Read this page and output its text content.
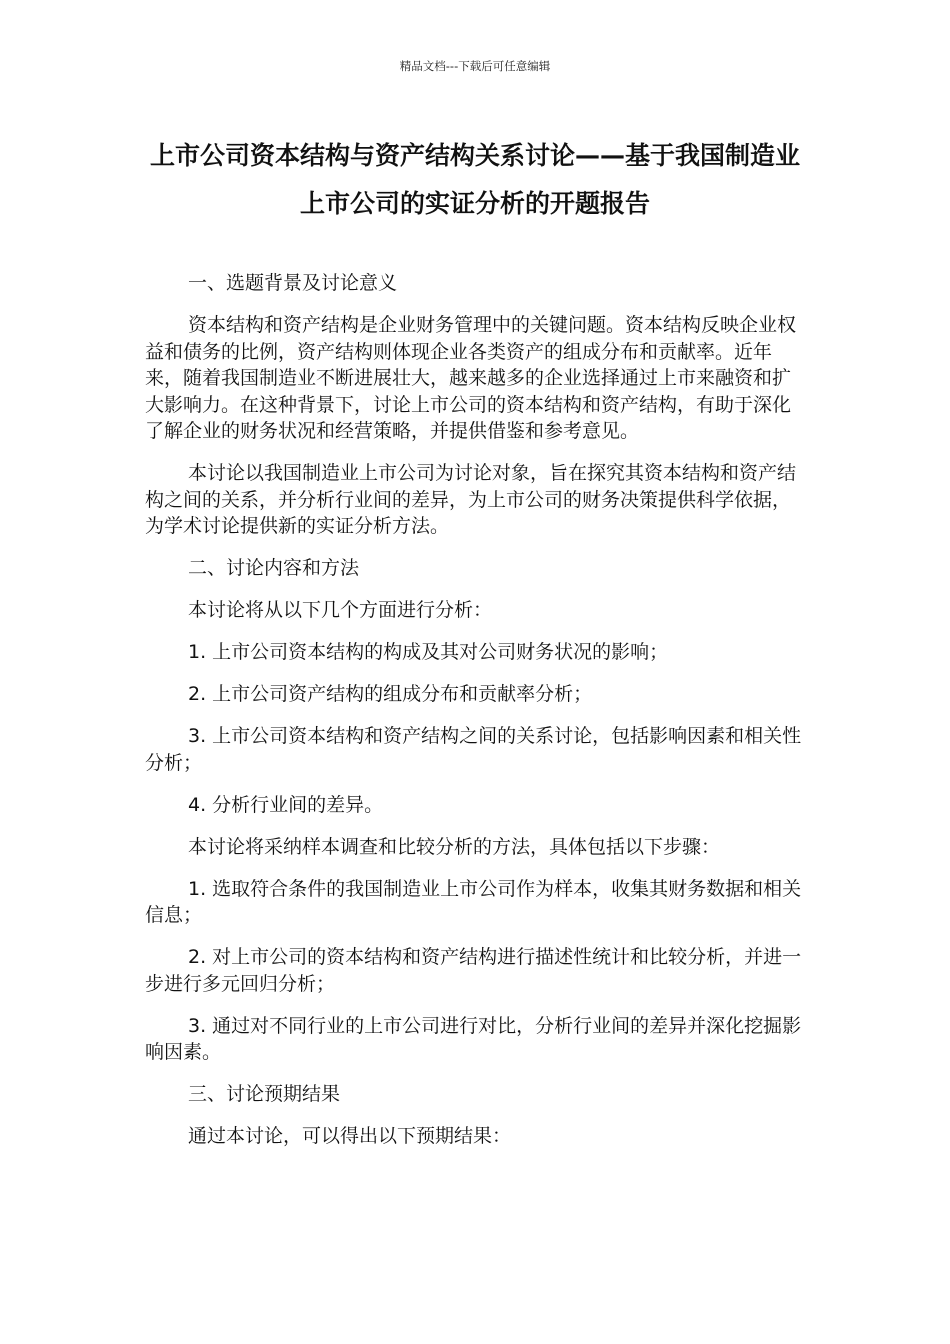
精品文档---下载后可任意编辑
上市公司资本结构与资产结构关系讨论——基于我国制造业上市公司的实证分析的开题报告

一、选题背景及讨论意义

资本结构和资产结构是企业财务管理中的关键问题。资本结构反映企业权益和债务的比例，资产结构则体现企业各类资产的组成分布和贡献率。近年来，随着我国制造业不断进展壮大，越来越多的企业选择通过上市来融资和扩大影响力。在这种背景下，讨论上市公司的资本结构和资产结构，有助于深化了解企业的财务状况和经营策略，并提供借鉴和参考意见。

本讨论以我国制造业上市公司为讨论对象，旨在探究其资本结构和资产结构之间的关系，并分析行业间的差异，为上市公司的财务决策提供科学依据，为学术讨论提供新的实证分析方法。

二、讨论内容和方法

本讨论将从以下几个方面进行分析：

1. 上市公司资本结构的构成及其对公司财务状况的影响；

2. 上市公司资产结构的组成分布和贡献率分析；

3. 上市公司资本结构和资产结构之间的关系讨论，包括影响因素和相关性分析；

4. 分析行业间的差异。

本讨论将采纳样本调查和比较分析的方法，具体包括以下步骤：

1. 选取符合条件的我国制造业上市公司作为样本，收集其财务数据和相关信息；

2. 对上市公司的资本结构和资产结构进行描述性统计和比较分析，并进一步进行多元回归分析；

3. 通过对不同行业的上市公司进行对比，分析行业间的差异并深化挖掘影响因素。

三、讨论预期结果

通过本讨论，可以得出以下预期结果：
